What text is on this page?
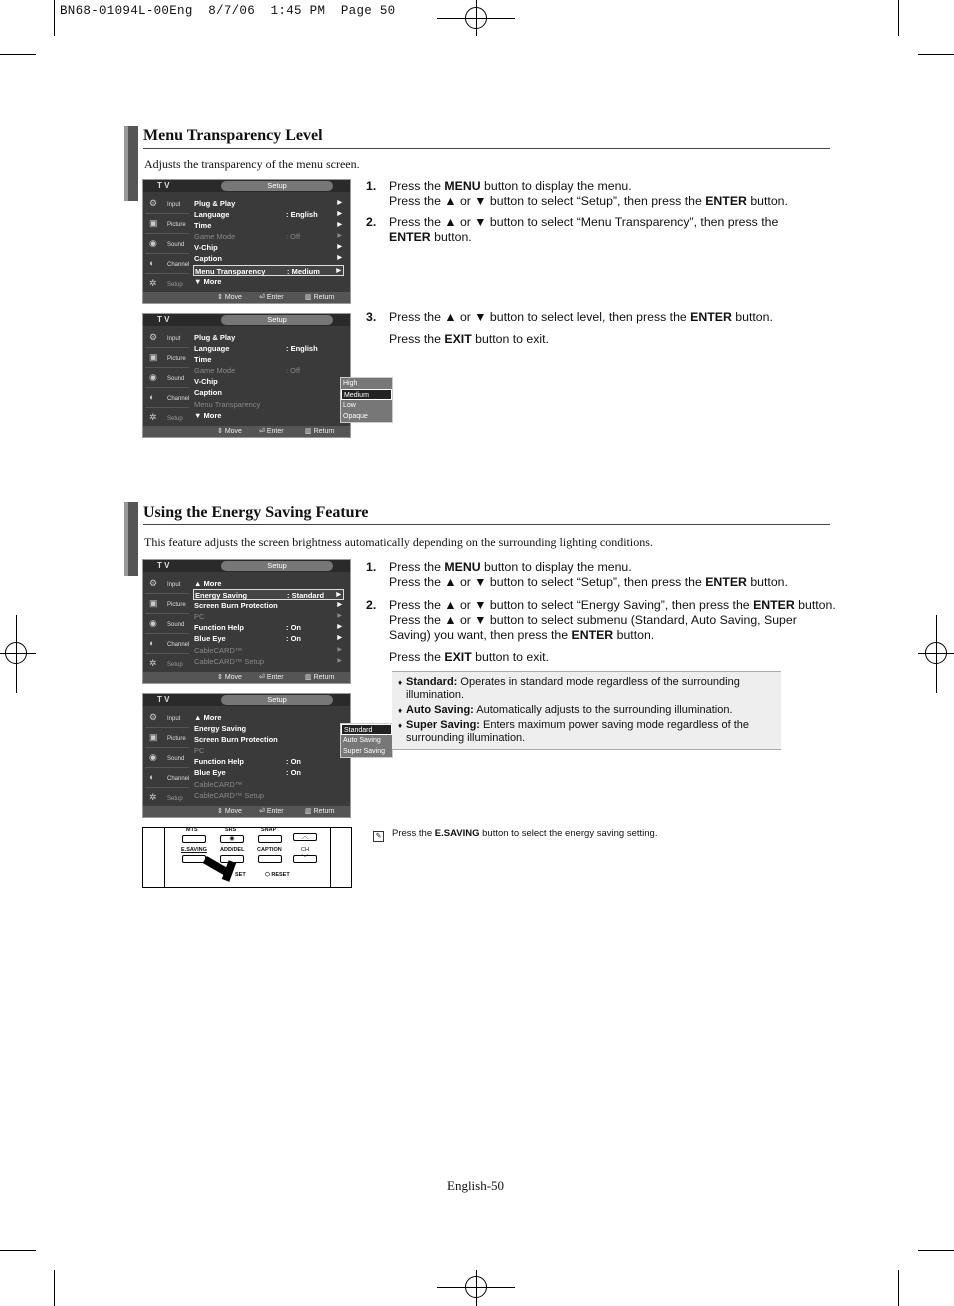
BN68-01094L-00Eng  8/7/06  1:45 PM  Page 50
Menu Transparency Level
Adjusts the transparency of the menu screen.
T V	Setup
⚙ Input
▣ Picture
◉ Sound
◐ Channel
✲ Setup
Plug & Play	▶
Language	: English	▶
Time	▶
Game Mode	: Off	▶
V-Chip	▶
Caption	▶
Menu Transparency	: Medium	▶
▼ More
⇕ Move ⏎ Enter	▥ Return
T V	Setup
⚙ Input
▣ Picture
◉ Sound
◐ Channel
✲ Setup
Plug & Play
Language	: English
Time
Game Mode	: Off
V-Chip
Caption
Menu Transparency
▼ More
High
Medium
Low
Opaque
⇕ Move ⏎ Enter	▥ Return
1. Press the MENU button to display the menu.
Press the ▲ or ▼ button to select “Setup”, then press the ENTER button.
2. Press the ▲ or ▼ button to select “Menu Transparency”, then press the ENTER button.
3. Press the ▲ or ▼ button to select level, then press the ENTER button.
Press the EXIT button to exit.
Using the Energy Saving Feature
This feature adjusts the screen brightness automatically depending on the surrounding lighting conditions.
T V	Setup
⚙ Input
▣ Picture
◉ Sound
◐ Channel
✲ Setup
▲ More
Energy Saving	: Standard ▶
Screen Burn Protection	▶
PC	▶
Function Help	: On	▶
Blue Eye	: On	▶
CableCARD™	▶
CableCARD™ Setup	▶
⇕ Move ⏎ Enter	▥ Return
T V	Setup
⚙ Input
▣ Picture
◉ Sound
◐ Channel
✲ Setup
▲ More
Energy Saving
Screen Burn Protection
PC
Function Help	: On
Blue Eye	: On
CableCARD™
CableCARD™ Setup
Standard
Auto Saving
Super Saving
⇕ Move ⏎ Enter	▥ Return
1. Press the MENU button to display the menu.
Press the ▲ or ▼ button to select “Setup”, then press the ENTER button.
2. Press the ▲ or ▼ button to select “Energy Saving”, then press the ENTER button.
Press the ▲ or ▼ button to select submenu (Standard, Auto Saving, Super Saving) you want, then press the ENTER button.
Press the EXIT button to exit.
♦ Standard: Operates in standard mode regardless of the surrounding illumination.
♦ Auto Saving: Automatically adjusts to the surrounding illumination.
♦ Super Saving: Enters maximum power saving mode regardless of the surrounding illumination.
MTS	SRS	SNAP
◉	︿
E.SAVING ADD/DEL CAPTION	CH
﹀
SET	⬡ RESET
✎ Press the E.SAVING button to select the energy saving setting.
English-50
